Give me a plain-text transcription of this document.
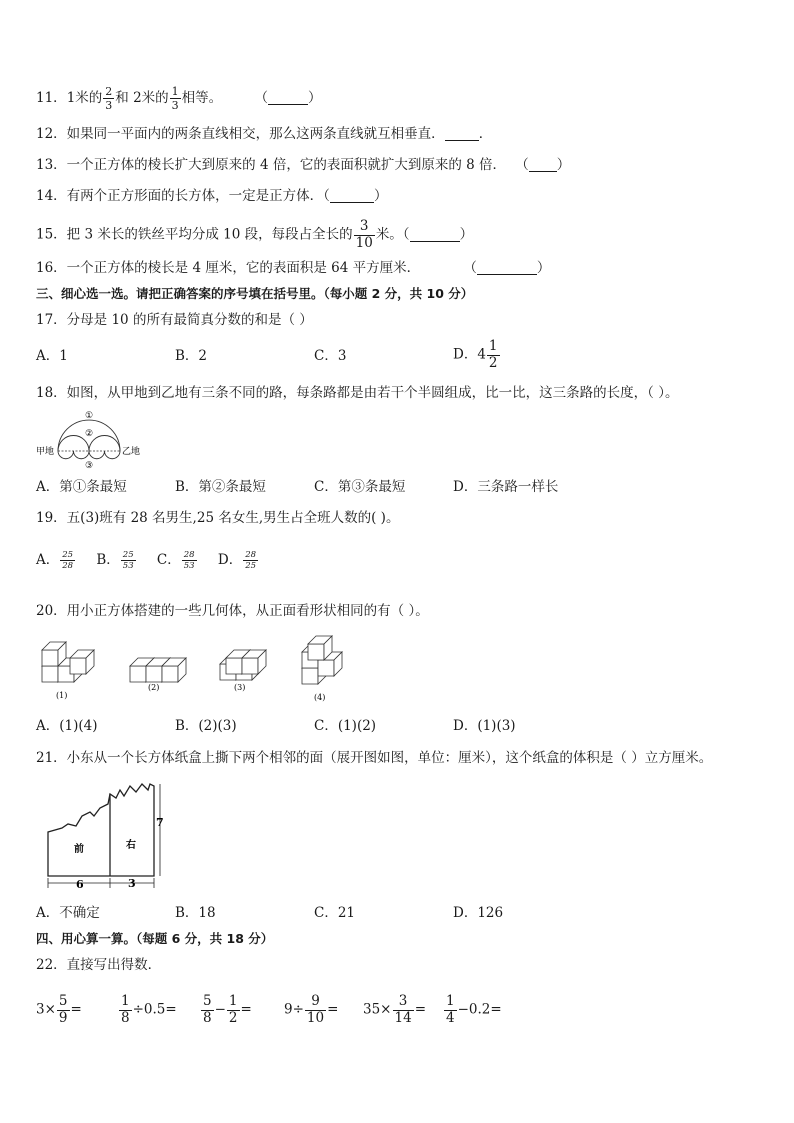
11．1米的 $\frac{2}{3}$ 和 2米的 $\frac{1}{3}$ 相等。 （	）
12．如果同一平面内的两条直线相交，那么这两条直线就互相垂直．	．
13．一个正方体的棱长扩大到原来的 4 倍，它的表面积就扩大到原来的 8 倍． （ ）
14．有两个正方形面的长方体，一定是正方体．（	）
15．把 3 米长的铁丝平均分成 10 段，每段占全长的 $\frac{3}{10}$ 米。（	）
16．一个正方体的棱长是 4 厘米，它的表面积是 64 平方厘米．	（	）
三、细心选一选。请把正确答案的序号填在括号里。（每小题 2 分，共 10 分）
17．分母是 10 的所有最简真分数的和是（ ）
A．1	B．2	C．3	D．$4 \frac{1}{2}$
18．如图，从甲地到乙地有三条不同的路，每条路都是由若干个半圆组成，比一比，这三条路的长度，（ ）。
甲地	乙地
①
②
③
A．第①条最短	B．第②条最短	C．第③条最短	D．三条路一样长
19．五(3)班有 28 名男生,25 名女生,男生占全班人数的( )。
A． $\frac{25}{28}$ B． $\frac{25}{53}$ C． $\frac{28}{53}$ D． $\frac{28}{25}$
20．用小正方体搭建的一些几何体，从正面看形状相同的有（ ）。
(1)
(2)	(3)
(4)
A．(1)(4)	B．(2)(3)	C．(1)(2)	D．(1)(3)
21．小东从一个长方体纸盒上撕下两个相邻的面（展开图如图，单位：厘米），这个纸盒的体积是（ ）立方厘米。
前	右
7
6	3
A．不确定	B．18	C．21	D．126
四、用心算一算。（每题 6 分，共 18 分）
22．直接写出得数．
$3\times \frac{5}{9}$ =	$\frac{1}{8} \div 0.5= \frac{5}{8} - \frac{1}{2} = 9\div \frac{9}{10} = 35\times \frac{3}{14} = \frac{1}{4} -0.2=$
